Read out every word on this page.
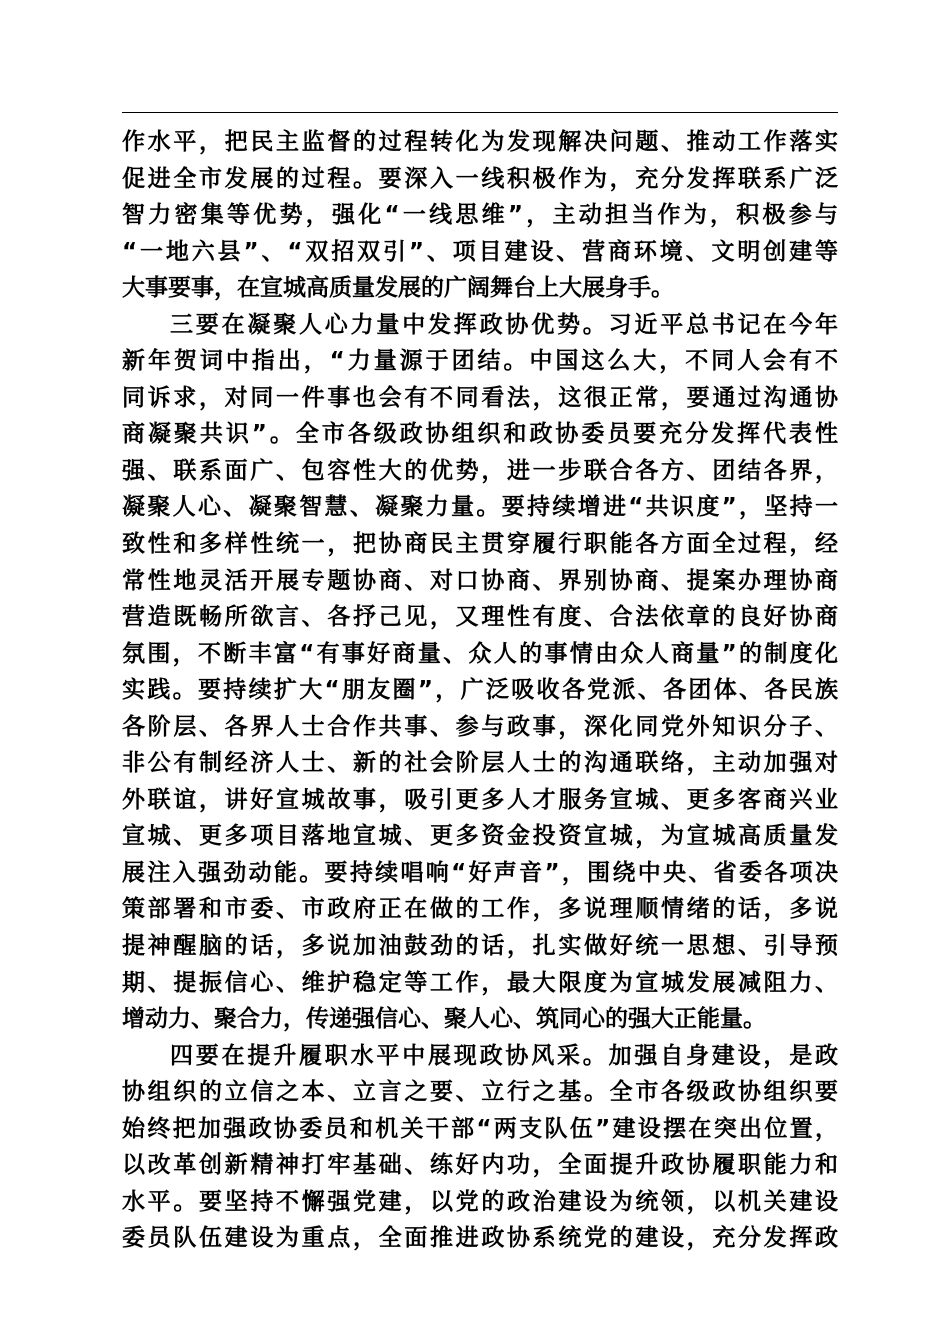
作水平，把民主监督的过程转化为发现解决问题、推动工作落实
促进全市发展的过程。要深入一线积极作为，充分发挥联系广泛
智力密集等优势，强化“一线思维”，主动担当作为，积极参与
“一地六县”、“双招双引”、项目建设、营商环境、文明创建等
大事要事，在宣城高质量发展的广阔舞台上大展身手。
三要在凝聚人心力量中发挥政协优势。习近平总书记在今年
新年贺词中指出，“力量源于团结。中国这么大，不同人会有不
同诉求，对同一件事也会有不同看法，这很正常，要通过沟通协
商凝聚共识”。全市各级政协组织和政协委员要充分发挥代表性
强、联系面广、包容性大的优势，进一步联合各方、团结各界，
凝聚人心、凝聚智慧、凝聚力量。要持续增进“共识度”，坚持一
致性和多样性统一，把协商民主贯穿履行职能各方面全过程，经
常性地灵活开展专题协商、对口协商、界别协商、提案办理协商
营造既畅所欲言、各抒己见，又理性有度、合法依章的良好协商
氛围，不断丰富“有事好商量、众人的事情由众人商量”的制度化
实践。要持续扩大“朋友圈”，广泛吸收各党派、各团体、各民族
各阶层、各界人士合作共事、参与政事，深化同党外知识分子、
非公有制经济人士、新的社会阶层人士的沟通联络，主动加强对
外联谊，讲好宣城故事，吸引更多人才服务宣城、更多客商兴业
宣城、更多项目落地宣城、更多资金投资宣城，为宣城高质量发
展注入强劲动能。要持续唱响“好声音”，围绕中央、省委各项决
策部署和市委、市政府正在做的工作，多说理顺情绪的话，多说
提神醒脑的话，多说加油鼓劲的话，扎实做好统一思想、引导预
期、提振信心、维护稳定等工作，最大限度为宣城发展减阻力、
增动力、聚合力，传递强信心、聚人心、筑同心的强大正能量。
四要在提升履职水平中展现政协风采。加强自身建设，是政
协组织的立信之本、立言之要、立行之基。全市各级政协组织要
始终把加强政协委员和机关干部“两支队伍”建设摆在突出位置，
以改革创新精神打牢基础、练好内功，全面提升政协履职能力和
水平。要坚持不懈强党建，以党的政治建设为统领，以机关建设
委员队伍建设为重点，全面推进政协系统党的建设，充分发挥政
